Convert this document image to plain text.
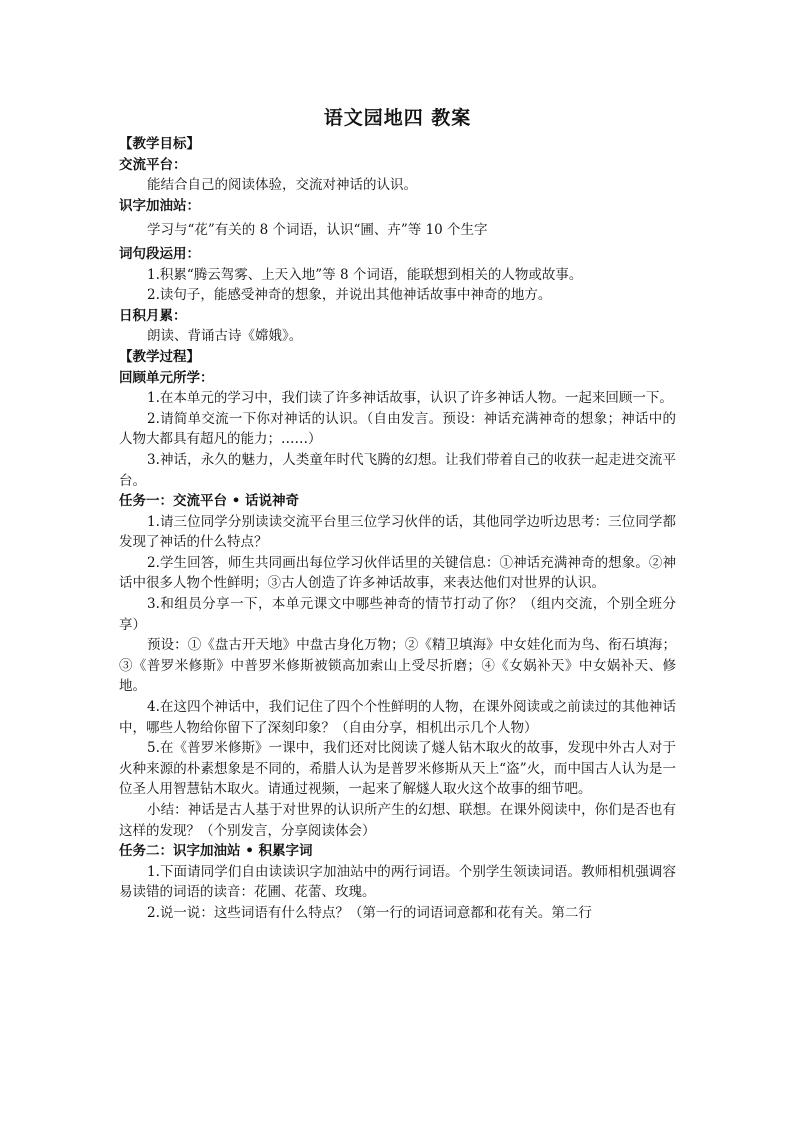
语文园地四 教案
【教学目标】
交流平台：
能结合自己的阅读体验，交流对神话的认识。
识字加油站：
学习与“花”有关的 8 个词语，认识“圃、卉”等 10 个生字
词句段运用：
1.积累“腾云驾雾、上天入地”等 8 个词语，能联想到相关的人物或故事。
2.读句子，能感受神奇的想象，并说出其他神话故事中神奇的地方。
日积月累：
朗读、背诵古诗《嫦娥》。
【教学过程】
回顾单元所学：
1.在本单元的学习中，我们读了许多神话故事，认识了许多神话人物。一起来回顾一下。
2.请简单交流一下你对神话的认识。（自由发言。预设：神话充满神奇的想象；神话中的人物大都具有超凡的能力；……）
3.神话，永久的魅力，人类童年时代飞腾的幻想。让我们带着自己的收获一起走进交流平台。
任务一：交流平台 • 话说神奇
1.请三位同学分别读读交流平台里三位学习伙伴的话，其他同学边听边思考：三位同学都发现了神话的什么特点？
2.学生回答，师生共同画出每位学习伙伴话里的关键信息：①神话充满神奇的想象。②神话中很多人物个性鲜明；③古人创造了许多神话故事，来表达他们对世界的认识。
3.和组员分享一下，本单元课文中哪些神奇的情节打动了你？（组内交流，个别全班分享）
预设：①《盘古开天地》中盘古身化万物；②《精卫填海》中女娃化而为鸟、衔石填海；③《普罗米修斯》中普罗米修斯被锁高加索山上受尽折磨；④《女娲补天》中女娲补天、修地。
4.在这四个神话中，我们记住了四个个性鲜明的人物，在课外阅读或之前读过的其他神话中，哪些人物给你留下了深刻印象？（自由分享，相机出示几个人物）
5.在《普罗米修斯》一课中，我们还对比阅读了燧人钻木取火的故事，发现中外古人对于火种来源的朴素想象是不同的，希腊人认为是普罗米修斯从天上“盗”火，而中国古人认为是一位圣人用智慧钻木取火。请通过视频，一起来了解燧人取火这个故事的细节吧。
小结：神话是古人基于对世界的认识所产生的幻想、联想。在课外阅读中，你们是否也有这样的发现？（个别发言，分享阅读体会）
任务二：识字加油站 • 积累字词
1.下面请同学们自由读读识字加油站中的两行词语。个别学生领读词语。教师相机强调容易读错的词语的读音：花圃、花蕾、玫瑰。
2.说一说：这些词语有什么特点？（第一行的词语词意都和花有关。第二行
